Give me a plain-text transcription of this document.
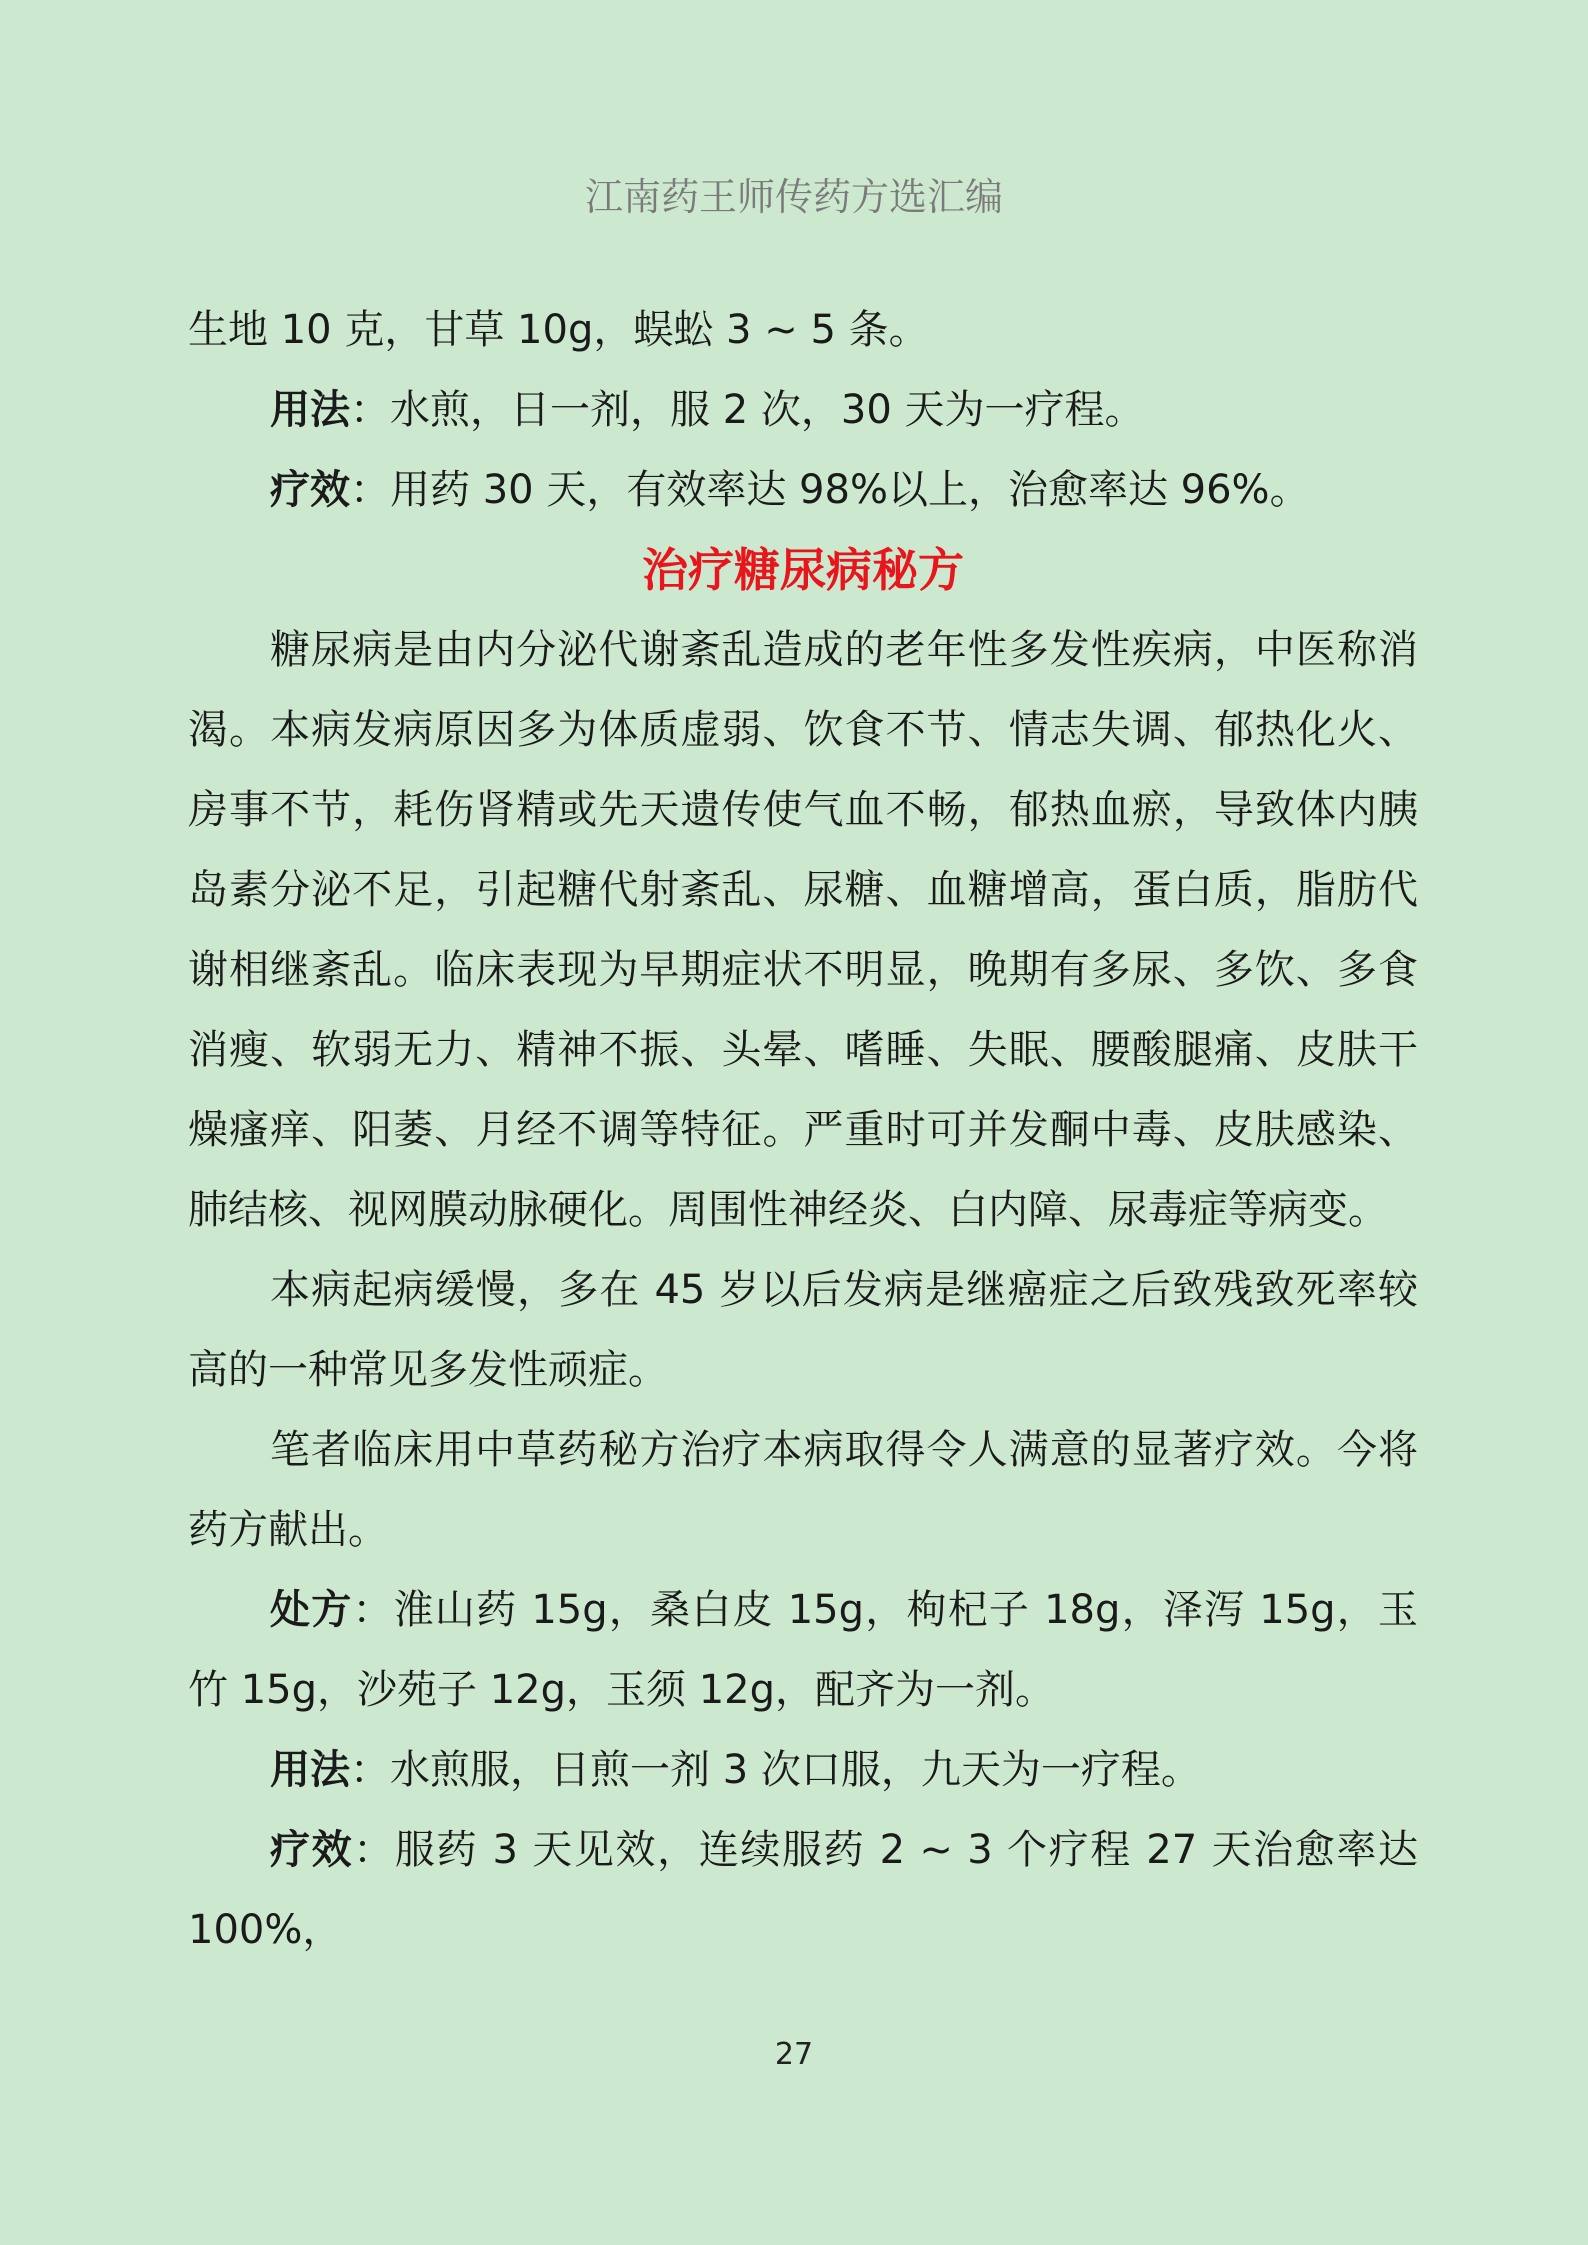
江南药王师传药方选汇编

生地 10 克，甘草 10g，蜈蚣 3 ~ 5 条。

用法：水煎，日一剂，服 2 次，30 天为一疗程。

疗效：用药 30 天，有效率达 98%以上，治愈率达 96%。

治疗糖尿病秘方

糖尿病是由内分泌代谢紊乱造成的老年性多发性疾病，中医称消渴。本病发病原因多为体质虚弱、饮食不节、情志失调、郁热化火、房事不节，耗伤肾精或先天遗传使气血不畅，郁热血瘀，导致体内胰岛素分泌不足，引起糖代射紊乱、尿糖、血糖增高，蛋白质，脂肪代谢相继紊乱。临床表现为早期症状不明显，晚期有多尿、多饮、多食消瘦、软弱无力、精神不振、头晕、嗜睡、失眠、腰酸腿痛、皮肤干燥瘙痒、阳萎、月经不调等特征。严重时可并发酮中毒、皮肤感染、肺结核、视网膜动脉硬化。周围性神经炎、白内障、尿毒症等病变。

本病起病缓慢，多在 45 岁以后发病是继癌症之后致残致死率较高的一种常见多发性顽症。

笔者临床用中草药秘方治疗本病取得令人满意的显著疗效。今将药方献出。

处方：淮山药 15g，桑白皮 15g，枸杞子 18g，泽泻 15g，玉竹 15g，沙苑子 12g，玉须 12g，配齐为一剂。

用法：水煎服，日煎一剂 3 次口服，九天为一疗程。

疗效：服药 3 天见效，连续服药 2 ~ 3 个疗程 27 天治愈率达 100%，

27
